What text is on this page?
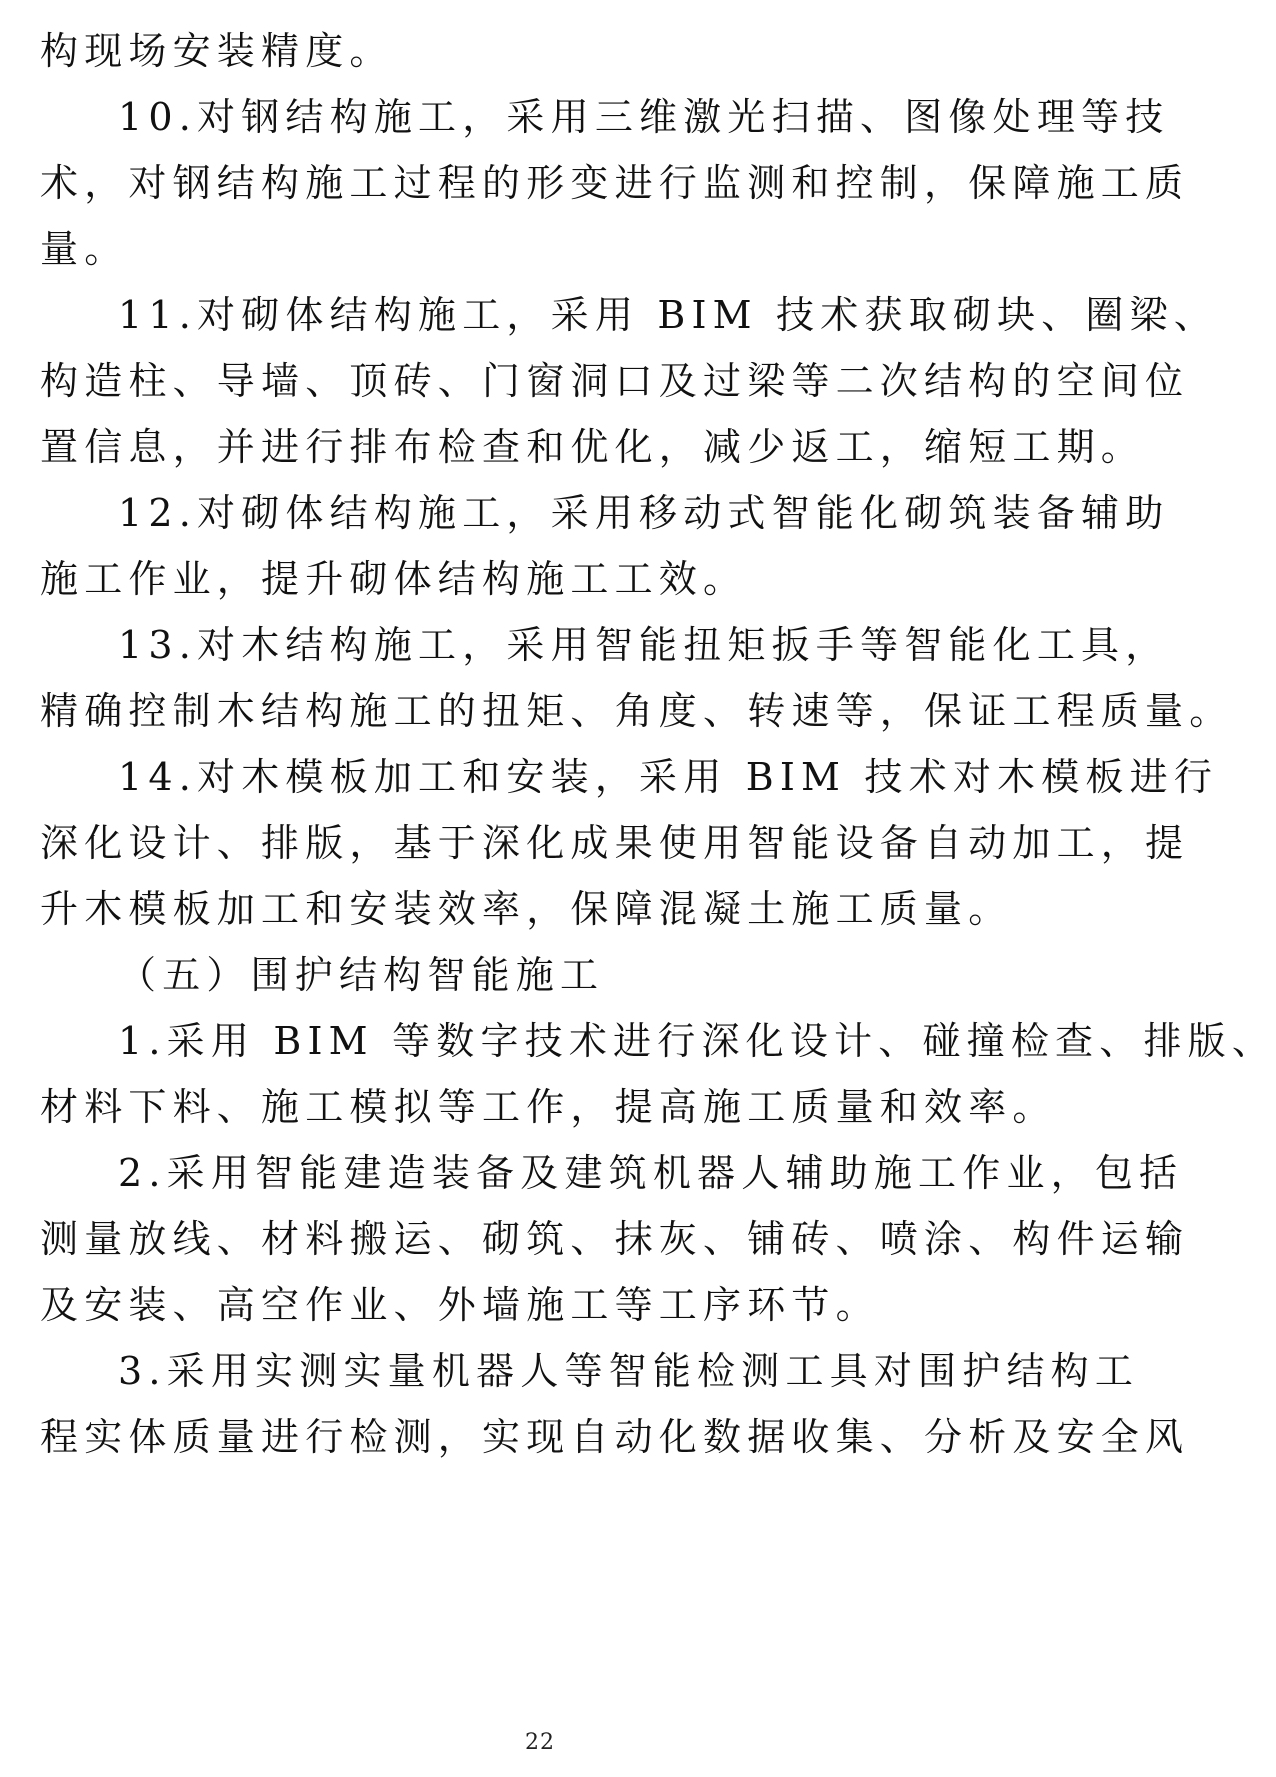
构现场安装精度。
10.对钢结构施工，采用三维激光扫描、图像处理等技
术，对钢结构施工过程的形变进行监测和控制，保障施工质
量。
11.对砌体结构施工，采用 BIM 技术获取砌块、圈梁、
构造柱、导墙、顶砖、门窗洞口及过梁等二次结构的空间位
置信息，并进行排布检查和优化，减少返工，缩短工期。
12.对砌体结构施工，采用移动式智能化砌筑装备辅助
施工作业，提升砌体结构施工工效。
13.对木结构施工，采用智能扭矩扳手等智能化工具，
精确控制木结构施工的扭矩、角度、转速等，保证工程质量。
14.对木模板加工和安装，采用 BIM 技术对木模板进行
深化设计、排版，基于深化成果使用智能设备自动加工，提
升木模板加工和安装效率，保障混凝土施工质量。
（五）围护结构智能施工
1.采用 BIM 等数字技术进行深化设计、碰撞检查、排版、
材料下料、施工模拟等工作，提高施工质量和效率。
2.采用智能建造装备及建筑机器人辅助施工作业，包括
测量放线、材料搬运、砌筑、抹灰、铺砖、喷涂、构件运输
及安装、高空作业、外墙施工等工序环节。
3.采用实测实量机器人等智能检测工具对围护结构工
程实体质量进行检测，实现自动化数据收集、分析及安全风
22
